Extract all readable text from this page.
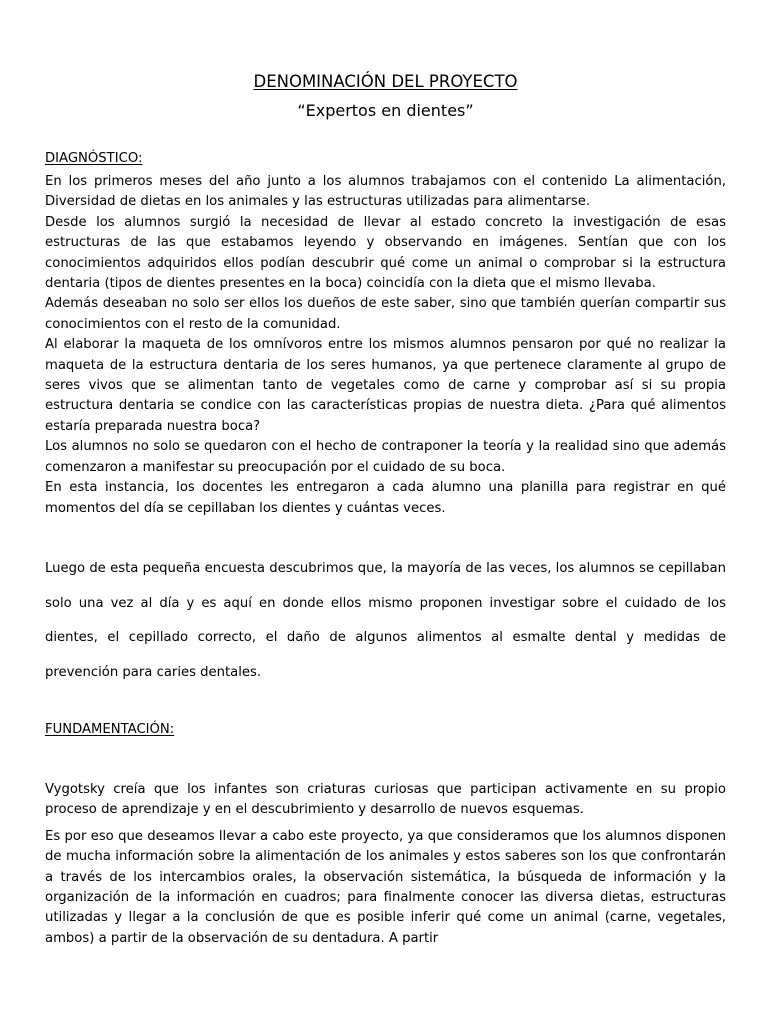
DENOMINACIÓN DEL PROYECTO
“Expertos en dientes”
DIAGNÓSTICO:

En los primeros meses del año junto a los alumnos trabajamos con el contenido La alimentación, Diversidad de dietas en los animales y las estructuras utilizadas para alimentarse.

Desde los alumnos surgió la necesidad de llevar al estado concreto la investigación de esas estructuras de las que estabamos leyendo y observando en imágenes. Sentían que con los conocimientos adquiridos ellos podían descubrir qué come un animal o comprobar si la estructura dentaria (tipos de dientes presentes en la boca) coincidía con la dieta que el mismo llevaba.

Además deseaban no solo ser ellos los dueños de este saber, sino que también querían compartir sus conocimientos con el resto de la comunidad.

Al elaborar la maqueta de los omnívoros entre los mismos alumnos pensaron por qué no realizar la maqueta de la estructura dentaria de los seres humanos, ya que pertenece claramente al grupo de seres vivos que se alimentan tanto de vegetales como de carne y comprobar así si su propia estructura dentaria se condice con las características propias de nuestra dieta. ¿Para qué alimentos estaría preparada nuestra boca?

Los alumnos no solo se quedaron con el hecho de contraponer la teoría y la realidad sino que además comenzaron a manifestar su preocupación por el cuidado de su boca.

En esta instancia, los docentes les entregaron a cada alumno una planilla para registrar en qué momentos del día se cepillaban los dientes y cuántas veces.

Luego de esta pequeña encuesta descubrimos que, la mayoría de las veces, los alumnos se cepillaban solo una vez al día y es aquí en donde ellos mismo proponen investigar sobre el cuidado de los dientes, el cepillado correcto, el daño de algunos alimentos al esmalte dental y medidas de prevención para caries dentales.

FUNDAMENTACIÓN:

Vygotsky creía que los infantes son criaturas curiosas que participan activamente en su propio proceso de aprendizaje y en el descubrimiento y desarrollo de nuevos esquemas.

Es por eso que deseamos llevar a cabo este proyecto, ya que consideramos que los alumnos disponen de mucha información sobre la alimentación de los animales y estos saberes son los que confrontarán a través de los intercambios orales, la observación sistemática, la búsqueda de información y la organización de la información en cuadros; para finalmente conocer las diversa dietas, estructuras utilizadas y llegar a la conclusión de que es posible inferir qué come un animal (carne, vegetales, ambos) a partir de la observación de su dentadura. A partir
